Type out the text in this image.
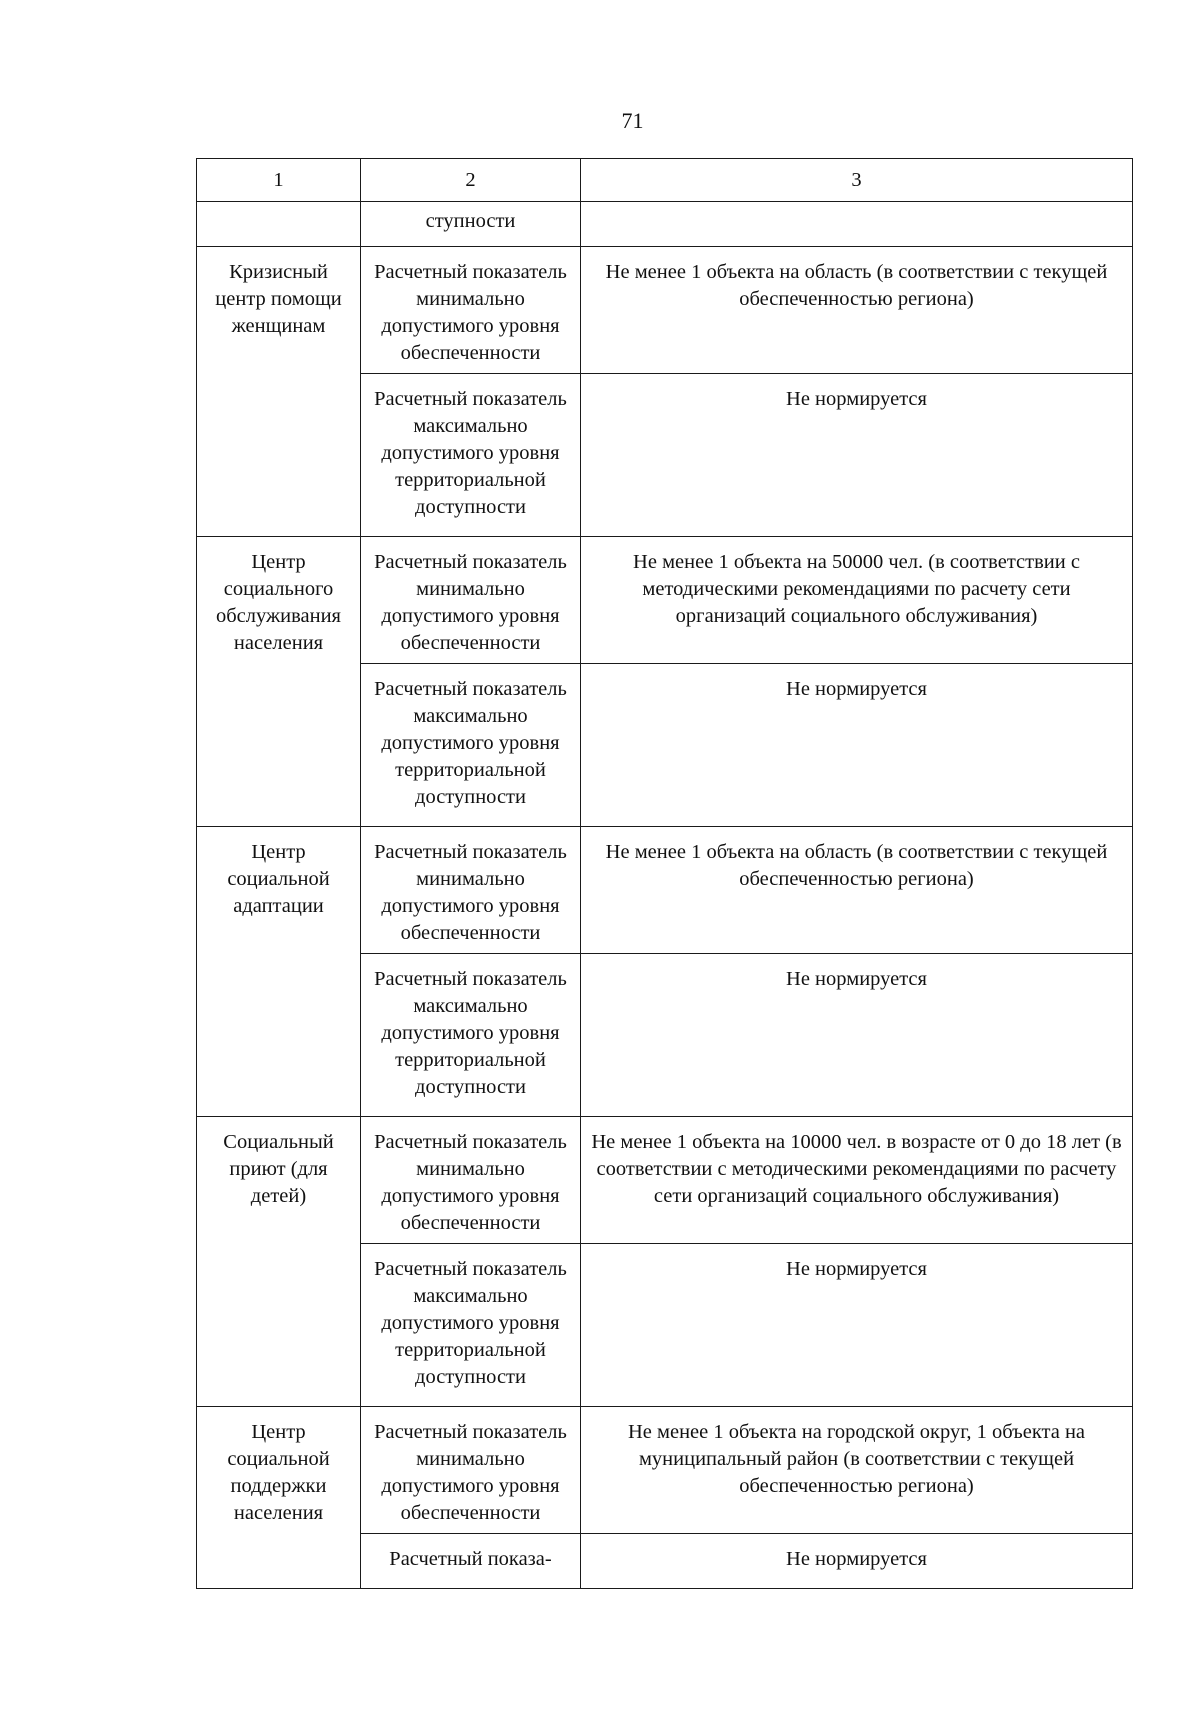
71
1	2	3
	ступности	
Кризисный центр помощи женщинам	Расчетный показатель минимально допустимого уровня обеспеченности	Не менее 1 объекта на область (в соответствии с текущей обеспеченностью региона)
	Расчетный показатель максимально допустимого уровня территориальной доступности	Не нормируется
Центр социального обслуживания населения	Расчетный показатель минимально допустимого уровня обеспеченности	Не менее 1 объекта на 50000 чел. (в соответствии с методическими рекомендациями по расчету сети организаций социального обслуживания)
	Расчетный показатель максимально допустимого уровня территориальной доступности	Не нормируется
Центр социальной адаптации	Расчетный показатель минимально допустимого уровня обеспеченности	Не менее 1 объекта на область (в соответствии с текущей обеспеченностью региона)
	Расчетный показатель максимально допустимого уровня территориальной доступности	Не нормируется
Социальный приют (для детей)	Расчетный показатель минимально допустимого уровня обеспеченности	Не менее 1 объекта на 10000 чел. в возрасте от 0 до 18 лет (в соответствии с методическими рекомендациями по расчету сети организаций социального обслуживания)
	Расчетный показатель максимально допустимого уровня территориальной доступности	Не нормируется
Центр социальной поддержки населения	Расчетный показатель минимально допустимого уровня обеспеченности	Не менее 1 объекта на городской округ, 1 объекта на муниципальный район (в соответствии с текущей обеспеченностью региона)
	Расчетный показа-	Не нормируется
